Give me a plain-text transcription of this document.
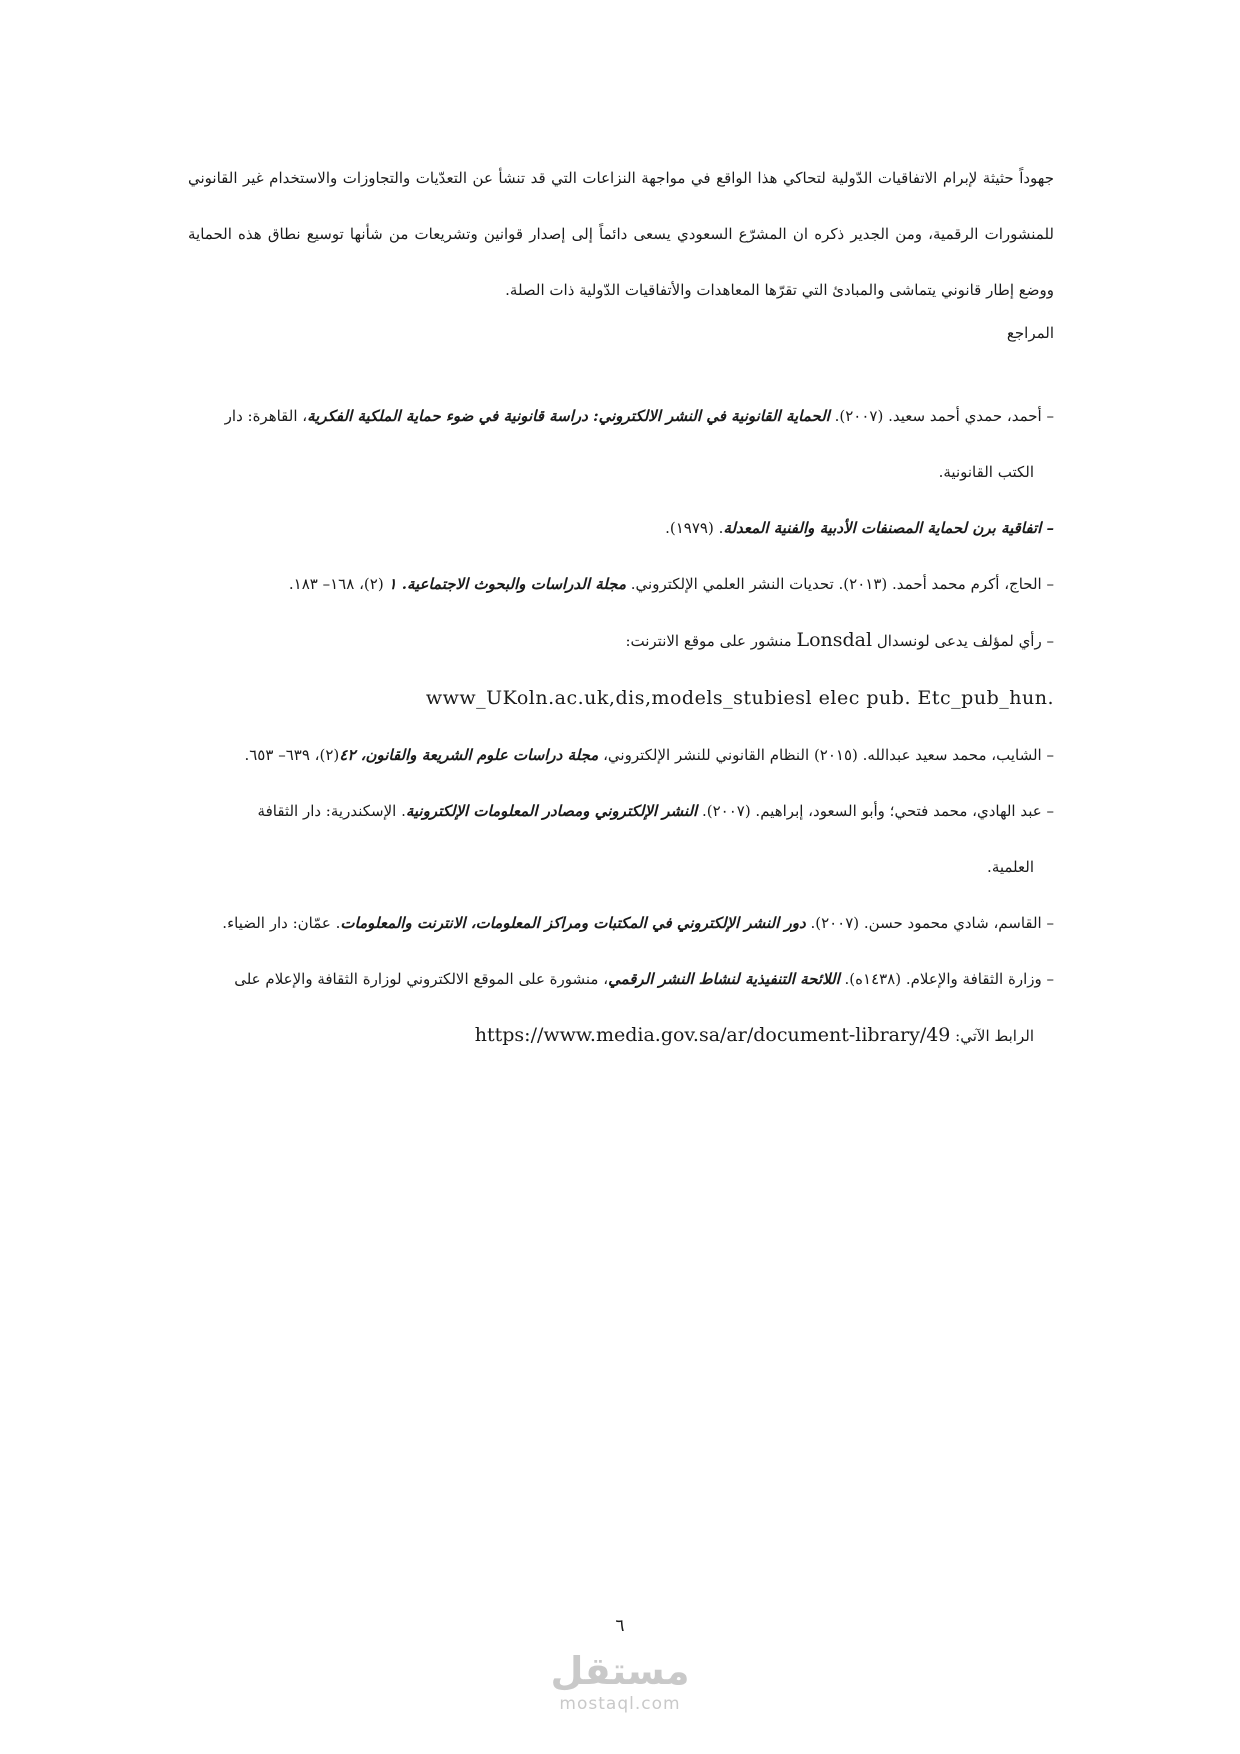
جهوداً حثيثة لإبرام الاتفاقيات الدّولية لتحاكي هذا الواقع في مواجهة النزاعات التي قد تنشأ عن التعدّيات والتجاوزات والاستخدام غير القانوني للمنشورات الرقمية، ومن الجدير ذكره ان المشرّع السعودي يسعى دائماً إلى إصدار قوانين وتشريعات من شأنها توسيع نطاق هذه الحماية ووضع إطار قانوني يتماشى والمبادئ التي تقرّها المعاهدات والأتفاقيات الدّولية ذات الصلة.

المراجع
– أحمد، حمدي أحمد سعيد. (٢٠٠٧). الحماية القانونية في النشر الالكتروني: دراسة قانونية في ضوء حماية الملكية الفكرية، القاهرة: دار
الكتب القانونية.
– اتفاقية برن لحماية المصنفات الأدبية والفنية المعدلة. (١٩٧٩).
– الحاج، أكرم محمد أحمد. (٢٠١٣). تحديات النشر العلمي الإلكتروني. مجلة الدراسات والبحوث الاجتماعية. ١ (٢)، ١٦٨– ١٨٣.
– رأي لمؤلف يدعى لونسدال Lonsdal منشور على موقع الانترنت:
www_UKoln.ac.uk,dis,models_stubiesl elec pub. Etc_pub_hun.
– الشايب، محمد سعيد عبدالله. (٢٠١٥) النظام القانوني للنشر الإلكتروني، مجلة دراسات علوم الشريعة والقانون، ٤٢(٢)، ٦٣٩– ٦٥٣.
– عبد الهادي، محمد فتحي؛ وأبو السعود، إبراهيم. (٢٠٠٧). النشر الإلكتروني ومصادر المعلومات الإلكترونية. الإسكندرية: دار الثقافة
العلمية.
– القاسم، شادي محمود حسن. (٢٠٠٧). دور النشر الإلكتروني في المكتبات ومراكز المعلومات، الانترنت والمعلومات. عمّان: دار الضياء.
– وزارة الثقافة والإعلام. (١٤٣٨ه). اللائحة التنفيذية لنشاط النشر الرقمي، منشورة على الموقع الالكتروني لوزارة الثقافة والإعلام على
الرابط الآتي: https://www.media.gov.sa/ar/document-library/49
٦
مستقل
mostaql.com
